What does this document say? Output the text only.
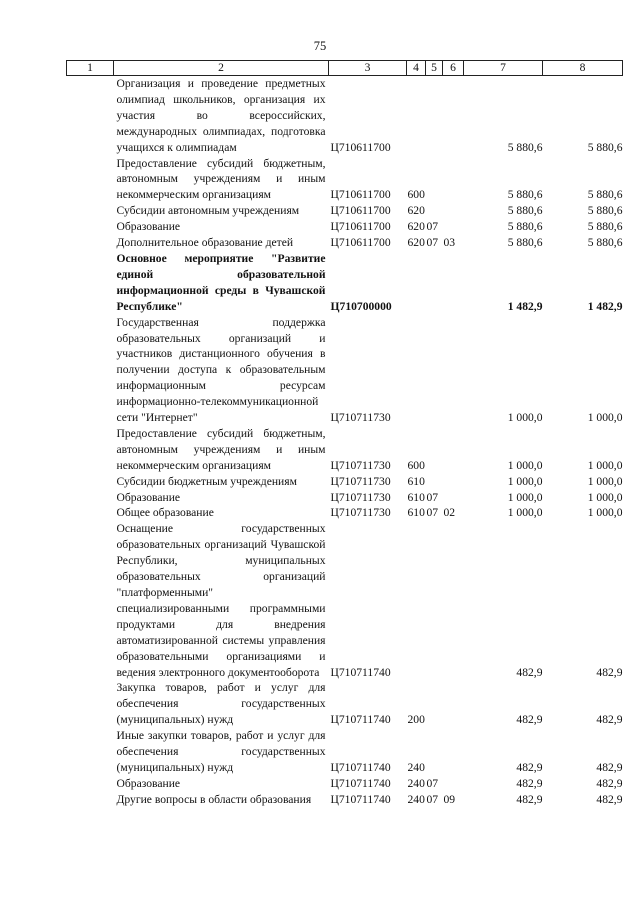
75
1	2	3	4	5	6	7	8
	Организация и проведение предметных олимпиад школьников, организация их участия во всероссийских, международных олимпиадах, подготовка учащихся к олимпиадам	Ц710611700				5 880,6	5 880,6
	Предоставление субсидий бюджетным, автономным учреждениям и иным некоммерческим организациям	Ц710611700	600			5 880,6	5 880,6
	Субсидии автономным учреждениям	Ц710611700	620			5 880,6	5 880,6
	Образование	Ц710611700	620	07		5 880,6	5 880,6
	Дополнительное образование детей	Ц710611700	620	07	03	5 880,6	5 880,6
	Основное мероприятие "Развитие единой образовательной информационной среды в Чувашской Республике"	Ц710700000				1 482,9	1 482,9
	Государственная поддержка образовательных организаций и участников дистанционного обучения в получении доступа к образовательным информационным ресурсам информационно-телекоммуникационной сети "Интернет"	Ц710711730				1 000,0	1 000,0
	Предоставление субсидий бюджетным, автономным учреждениям и иным некоммерческим организациям	Ц710711730	600			1 000,0	1 000,0
	Субсидии бюджетным учреждениям	Ц710711730	610			1 000,0	1 000,0
	Образование	Ц710711730	610	07		1 000,0	1 000,0
	Общее образование	Ц710711730	610	07	02	1 000,0	1 000,0
	Оснащение государственных образовательных организаций Чувашской Республики, муниципальных образовательных организаций "платформенными" специализированными программными продуктами для внедрения автоматизированной системы управления образовательными организациями и ведения электронного документооборота	Ц710711740				482,9	482,9
	Закупка товаров, работ и услуг для обеспечения государственных (муниципальных) нужд	Ц710711740	200			482,9	482,9
	Иные закупки товаров, работ и услуг для обеспечения государственных (муниципальных) нужд	Ц710711740	240			482,9	482,9
	Образование	Ц710711740	240	07		482,9	482,9
	Другие вопросы в области образования	Ц710711740	240	07	09	482,9	482,9
